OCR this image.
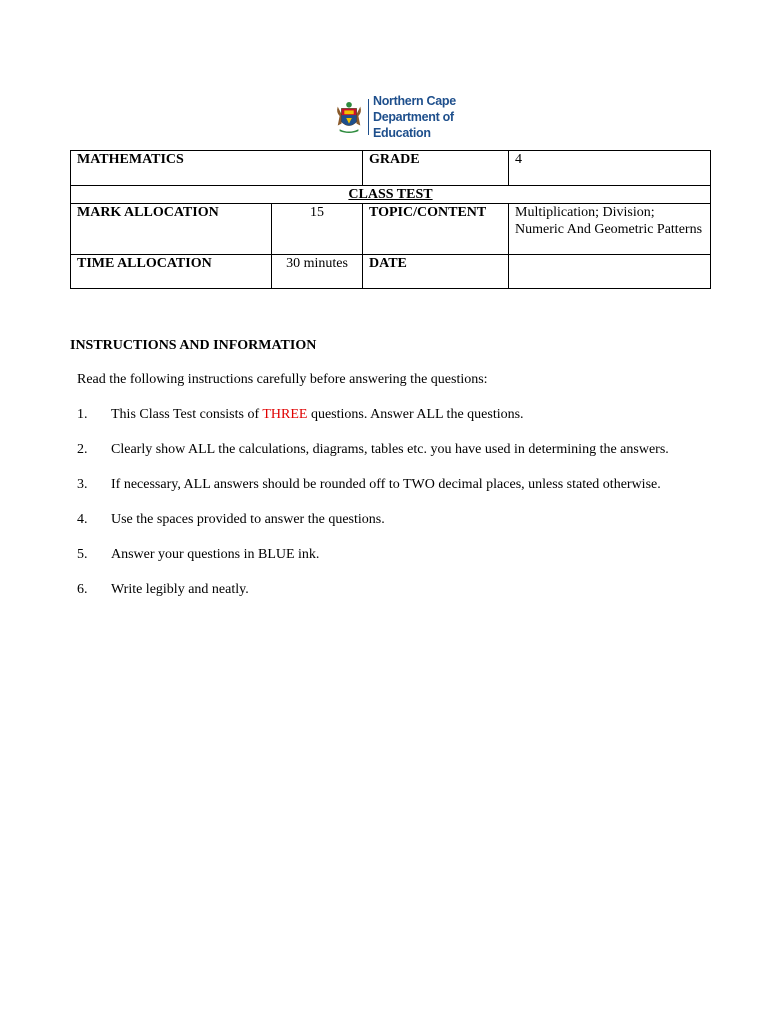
Northern Cape
Department of Education
MATHEMATICS		GRADE	4
CLASS TEST			
MARK ALLOCATION	15	TOPIC/CONTENT	Multiplication; Division; Numeric And Geometric Patterns
TIME ALLOCATION	30 minutes	DATE	
INSTRUCTIONS AND INFORMATION
Read the following instructions carefully before answering the questions:
1.	This Class Test consists of THREE questions. Answer ALL the questions.
2.	Clearly show ALL the calculations, diagrams, tables etc. you have used in determining the answers.
3.	If necessary, ALL answers should be rounded off to TWO decimal places, unless stated otherwise.
4.	Use the spaces provided to answer the questions.
5.	Answer your questions in BLUE ink.
6.	Write legibly and neatly.
